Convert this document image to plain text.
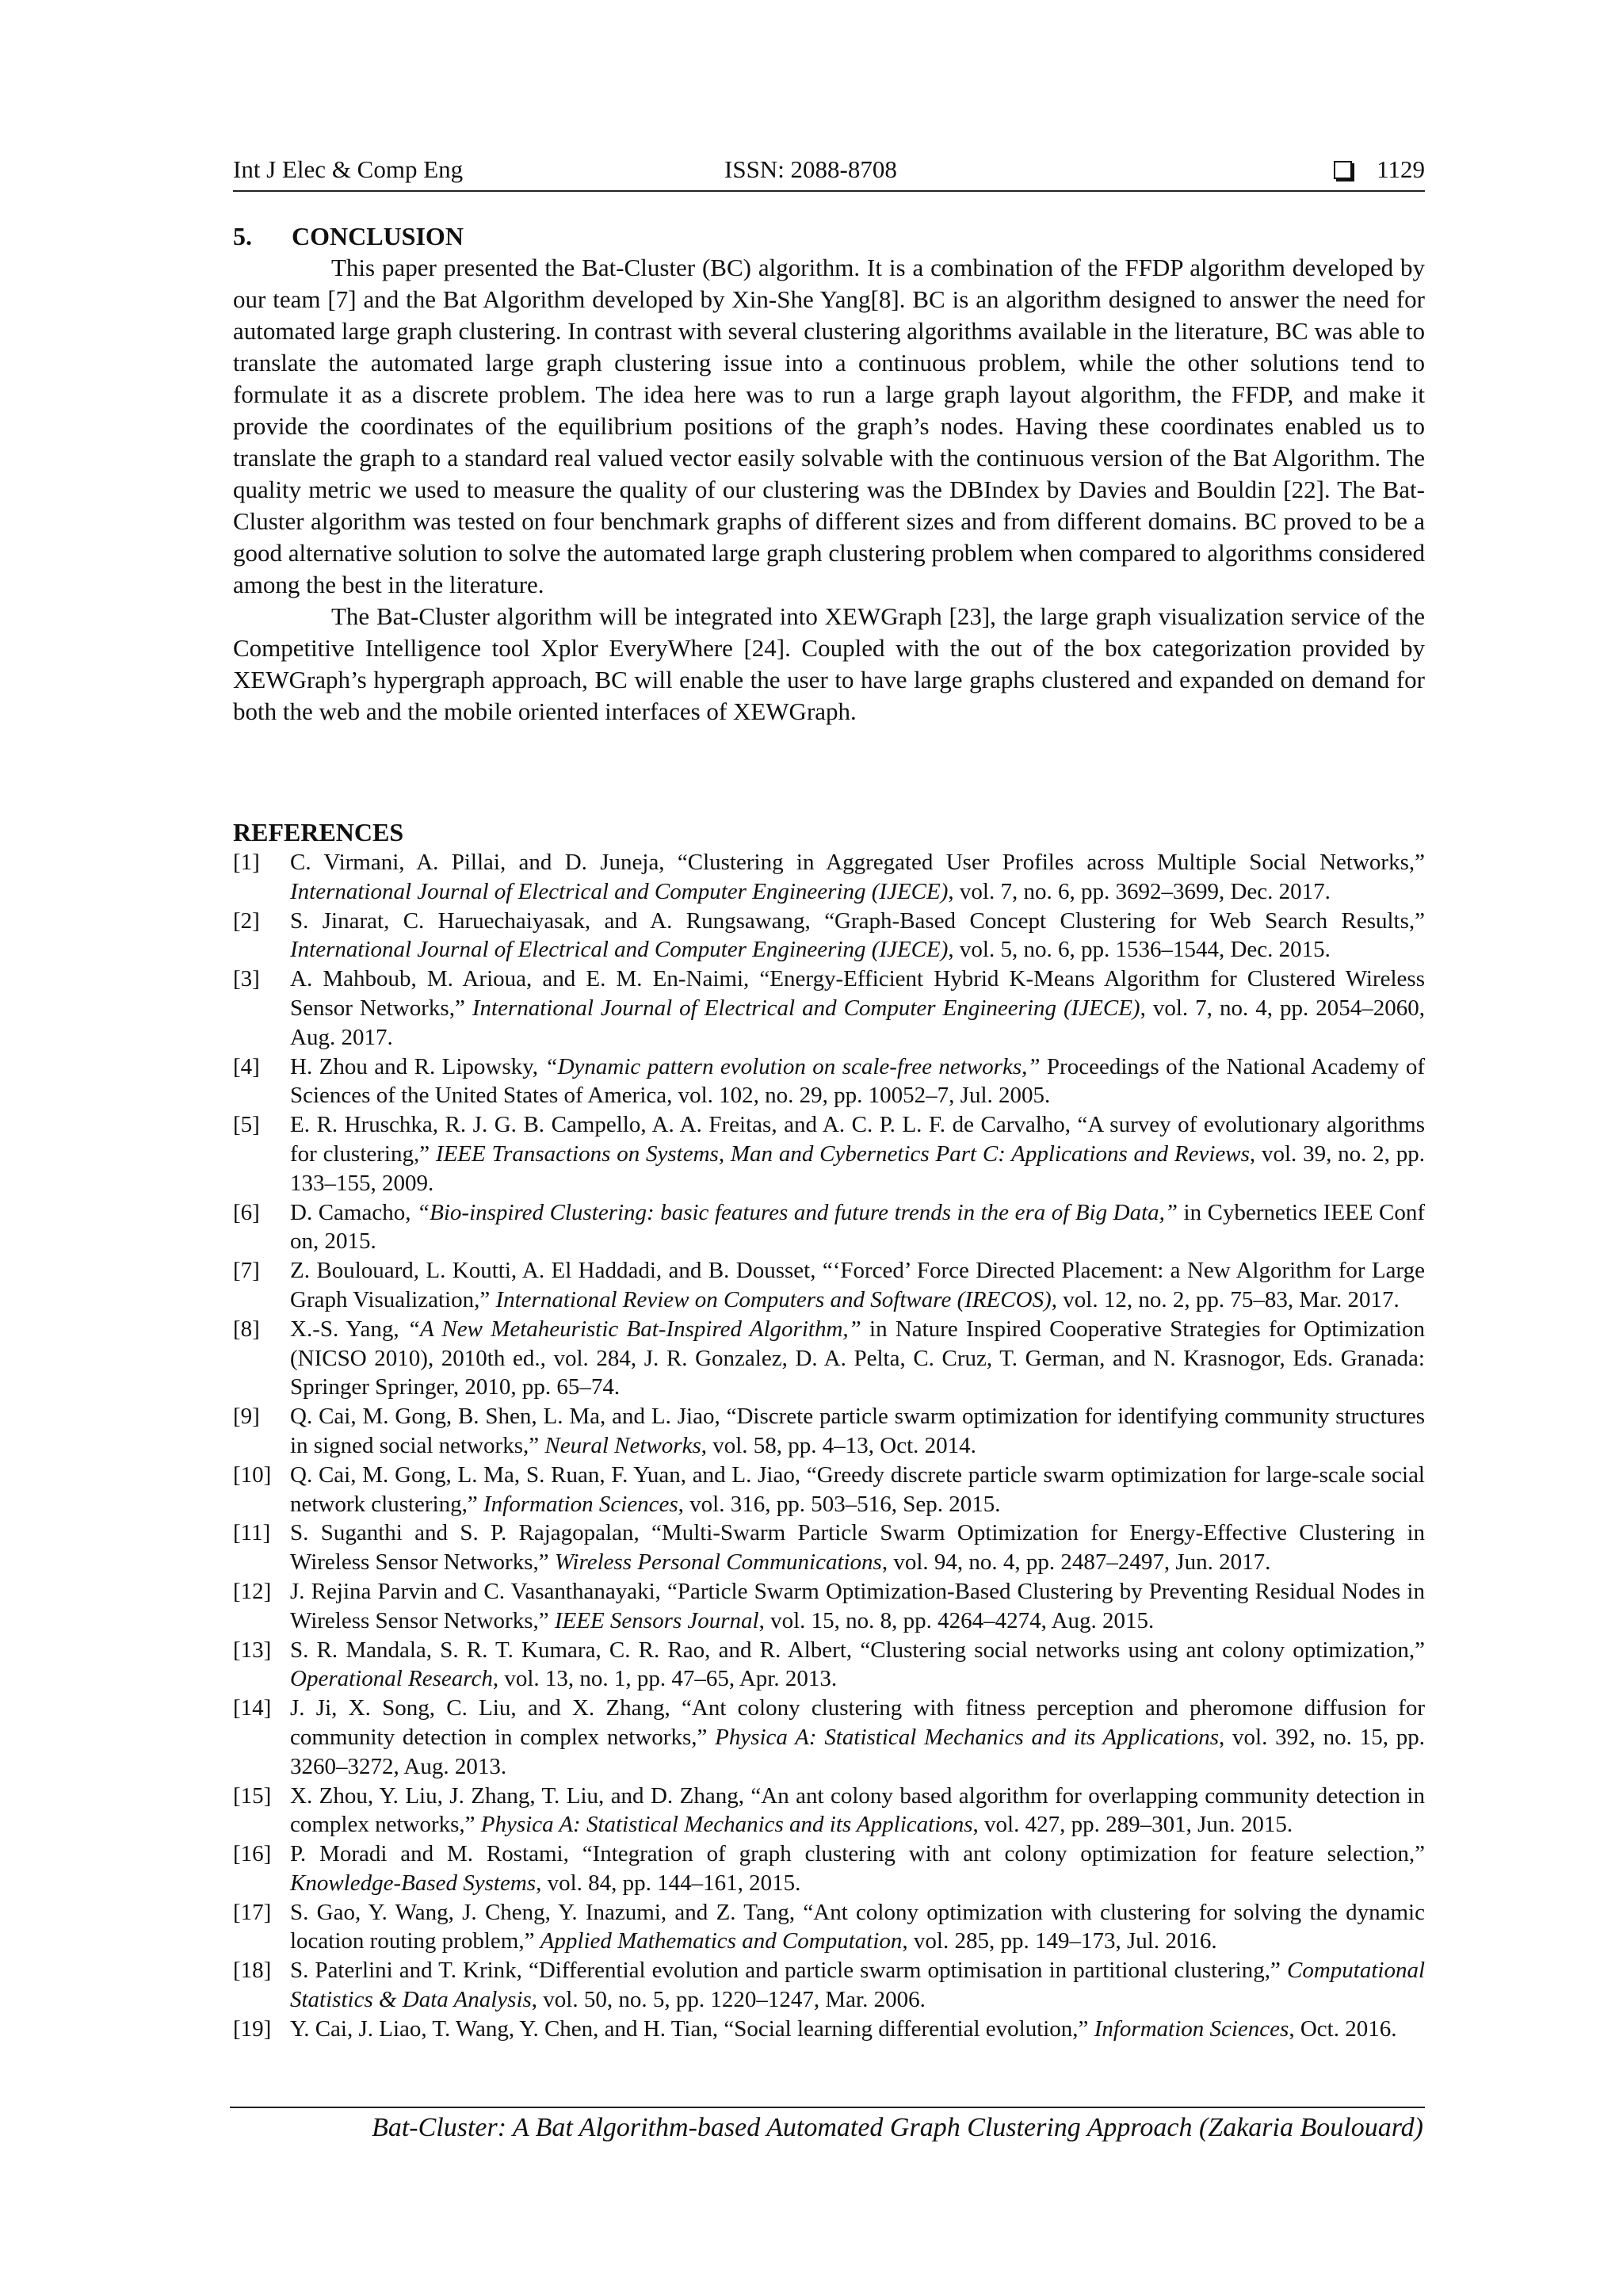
Int J Elec & Comp Eng	ISSN: 2088-8708	1129
5. CONCLUSION

This paper presented the Bat-Cluster (BC) algorithm. It is a combination of the FFDP algorithm developed by our team [7] and the Bat Algorithm developed by Xin-She Yang[8]. BC is an algorithm designed to answer the need for automated large graph clustering. In contrast with several clustering algorithms available in the literature, BC was able to translate the automated large graph clustering issue into a continuous problem, while the other solutions tend to formulate it as a discrete problem. The idea here was to run a large graph layout algorithm, the FFDP, and make it provide the coordinates of the equilibrium positions of the graph’s nodes. Having these coordinates enabled us to translate the graph to a standard real valued vector easily solvable with the continuous version of the Bat Algorithm. The quality metric we used to measure the quality of our clustering was the DBIndex by Davies and Bouldin [22]. The Bat-Cluster algorithm was tested on four benchmark graphs of different sizes and from different domains. BC proved to be a good alternative solution to solve the automated large graph clustering problem when compared to algorithms considered among the best in the literature.

The Bat-Cluster algorithm will be integrated into XEWGraph [23], the large graph visualization service of the Competitive Intelligence tool Xplor EveryWhere [24]. Coupled with the out of the box categorization provided by XEWGraph’s hypergraph approach, BC will enable the user to have large graphs clustered and expanded on demand for both the web and the mobile oriented interfaces of XEWGraph.

REFERENCES
[1] C. Virmani, A. Pillai, and D. Juneja, “Clustering in Aggregated User Profiles across Multiple Social Networks,” International Journal of Electrical and Computer Engineering (IJECE), vol. 7, no. 6, pp. 3692–3699, Dec. 2017.
[2] S. Jinarat, C. Haruechaiyasak, and A. Rungsawang, “Graph-Based Concept Clustering for Web Search Results,” International Journal of Electrical and Computer Engineering (IJECE), vol. 5, no. 6, pp. 1536–1544, Dec. 2015.
[3] A. Mahboub, M. Arioua, and E. M. En-Naimi, “Energy-Efficient Hybrid K-Means Algorithm for Clustered Wireless Sensor Networks,” International Journal of Electrical and Computer Engineering (IJECE), vol. 7, no. 4, pp. 2054–2060, Aug. 2017.
[4] H. Zhou and R. Lipowsky, “Dynamic pattern evolution on scale-free networks,” Proceedings of the National Academy of Sciences of the United States of America, vol. 102, no. 29, pp. 10052–7, Jul. 2005.
[5] E. R. Hruschka, R. J. G. B. Campello, A. A. Freitas, and A. C. P. L. F. de Carvalho, “A survey of evolutionary algorithms for clustering,” IEEE Transactions on Systems, Man and Cybernetics Part C: Applications and Reviews, vol. 39, no. 2, pp. 133–155, 2009.
[6] D. Camacho, “Bio-inspired Clustering: basic features and future trends in the era of Big Data,” in Cybernetics IEEE Conf on, 2015.
[7] Z. Boulouard, L. Koutti, A. El Haddadi, and B. Dousset, “‘Forced’ Force Directed Placement: a New Algorithm for Large Graph Visualization,” International Review on Computers and Software (IRECOS), vol. 12, no. 2, pp. 75–83, Mar. 2017.
[8] X.-S. Yang, “A New Metaheuristic Bat-Inspired Algorithm,” in Nature Inspired Cooperative Strategies for Optimization (NICSO 2010), 2010th ed., vol. 284, J. R. Gonzalez, D. A. Pelta, C. Cruz, T. German, and N. Krasnogor, Eds. Granada: Springer Springer, 2010, pp. 65–74.
[9] Q. Cai, M. Gong, B. Shen, L. Ma, and L. Jiao, “Discrete particle swarm optimization for identifying community structures in signed social networks,” Neural Networks, vol. 58, pp. 4–13, Oct. 2014.
[10] Q. Cai, M. Gong, L. Ma, S. Ruan, F. Yuan, and L. Jiao, “Greedy discrete particle swarm optimization for large-scale social network clustering,” Information Sciences, vol. 316, pp. 503–516, Sep. 2015.
[11] S. Suganthi and S. P. Rajagopalan, “Multi-Swarm Particle Swarm Optimization for Energy-Effective Clustering in Wireless Sensor Networks,” Wireless Personal Communications, vol. 94, no. 4, pp. 2487–2497, Jun. 2017.
[12] J. Rejina Parvin and C. Vasanthanayaki, “Particle Swarm Optimization-Based Clustering by Preventing Residual Nodes in Wireless Sensor Networks,” IEEE Sensors Journal, vol. 15, no. 8, pp. 4264–4274, Aug. 2015.
[13] S. R. Mandala, S. R. T. Kumara, C. R. Rao, and R. Albert, “Clustering social networks using ant colony optimization,” Operational Research, vol. 13, no. 1, pp. 47–65, Apr. 2013.
[14] J. Ji, X. Song, C. Liu, and X. Zhang, “Ant colony clustering with fitness perception and pheromone diffusion for community detection in complex networks,” Physica A: Statistical Mechanics and its Applications, vol. 392, no. 15, pp. 3260–3272, Aug. 2013.
[15] X. Zhou, Y. Liu, J. Zhang, T. Liu, and D. Zhang, “An ant colony based algorithm for overlapping community detection in complex networks,” Physica A: Statistical Mechanics and its Applications, vol. 427, pp. 289–301, Jun. 2015.
[16] P. Moradi and M. Rostami, “Integration of graph clustering with ant colony optimization for feature selection,” Knowledge-Based Systems, vol. 84, pp. 144–161, 2015.
[17] S. Gao, Y. Wang, J. Cheng, Y. Inazumi, and Z. Tang, “Ant colony optimization with clustering for solving the dynamic location routing problem,” Applied Mathematics and Computation, vol. 285, pp. 149–173, Jul. 2016.
[18] S. Paterlini and T. Krink, “Differential evolution and particle swarm optimisation in partitional clustering,” Computational Statistics & Data Analysis, vol. 50, no. 5, pp. 1220–1247, Mar. 2006.
[19] Y. Cai, J. Liao, T. Wang, Y. Chen, and H. Tian, “Social learning differential evolution,” Information Sciences, Oct. 2016.
Bat-Cluster: A Bat Algorithm-based Automated Graph Clustering Approach (Zakaria Boulouard)
